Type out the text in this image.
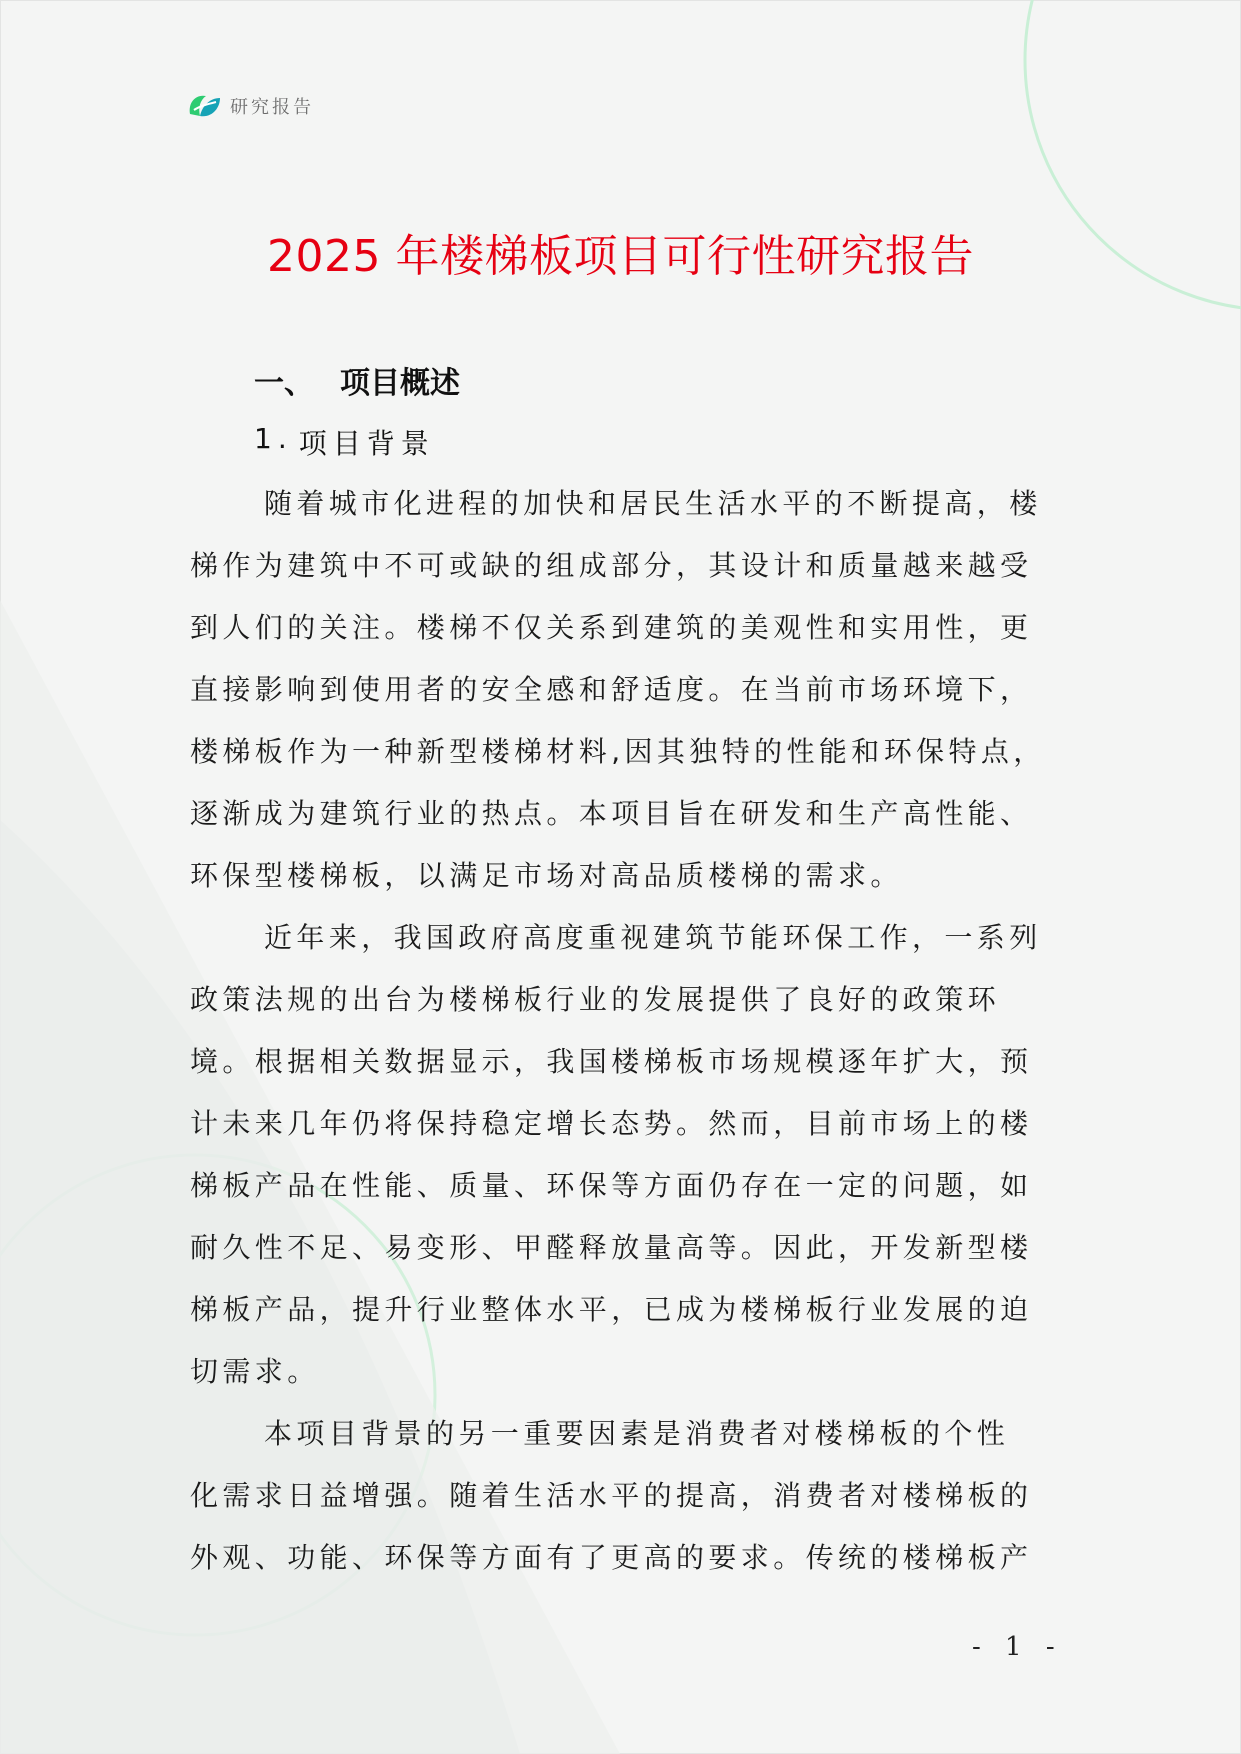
研究报告
2025 年楼梯板项目可行性研究报告
一、 项目概述
1. 项目背景
随着城市化进程的加快和居民生活水平的不断提高，楼
梯作为建筑中不可或缺的组成部分，其设计和质量越来越受
到人们的关注。楼梯不仅关系到建筑的美观性和实用性，更
直接影响到使用者的安全感和舒适度。在当前市场环境下，
楼梯板作为一种新型楼梯材料,因其独特的性能和环保特点，
逐渐成为建筑行业的热点。本项目旨在研发和生产高性能、
环保型楼梯板，以满足市场对高品质楼梯的需求。
近年来，我国政府高度重视建筑节能环保工作，一系列
政策法规的出台为楼梯板行业的发展提供了良好的政策环
境。根据相关数据显示，我国楼梯板市场规模逐年扩大，预
计未来几年仍将保持稳定增长态势。然而，目前市场上的楼
梯板产品在性能、质量、环保等方面仍存在一定的问题，如
耐久性不足、易变形、甲醛释放量高等。因此，开发新型楼
梯板产品，提升行业整体水平，已成为楼梯板行业发展的迫
切需求。
本项目背景的另一重要因素是消费者对楼梯板的个性
化需求日益增强。随着生活水平的提高，消费者对楼梯板的
外观、功能、环保等方面有了更高的要求。传统的楼梯板产
- 1 -
